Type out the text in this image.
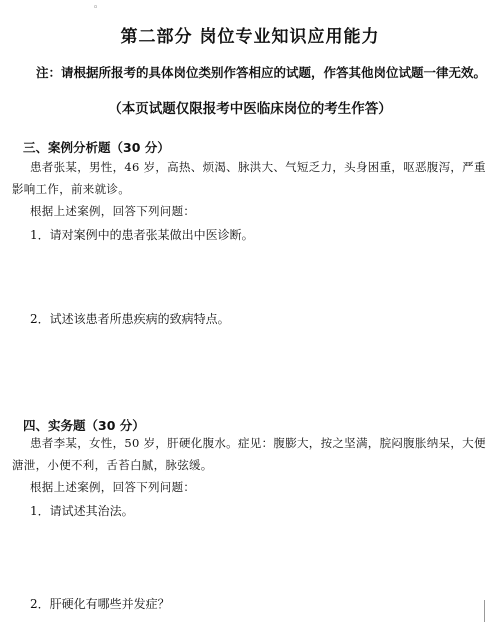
◦
第二部分 岗位专业知识应用能力
注：请根据所报考的具体岗位类别作答相应的试题，作答其他岗位试题一律无效。
（本页试题仅限报考中医临床岗位的考生作答）
三、案例分析题（30 分）
患者张某，男性，46 岁，高热、烦渴、脉洪大、气短乏力，头身困重，呕恶腹泻，严重影响工作，前来就诊。
根据上述案例，回答下列问题：
1．请对案例中的患者张某做出中医诊断。
2．试述该患者所患疾病的致病特点。
四、实务题（30 分）
患者李某，女性，50 岁，肝硬化腹水。症见：腹膨大，按之坚满，脘闷腹胀纳呆，大便溏泄，小便不利，舌苔白腻，脉弦缓。
根据上述案例，回答下列问题：
1．请试述其治法。
2．肝硬化有哪些并发症？
